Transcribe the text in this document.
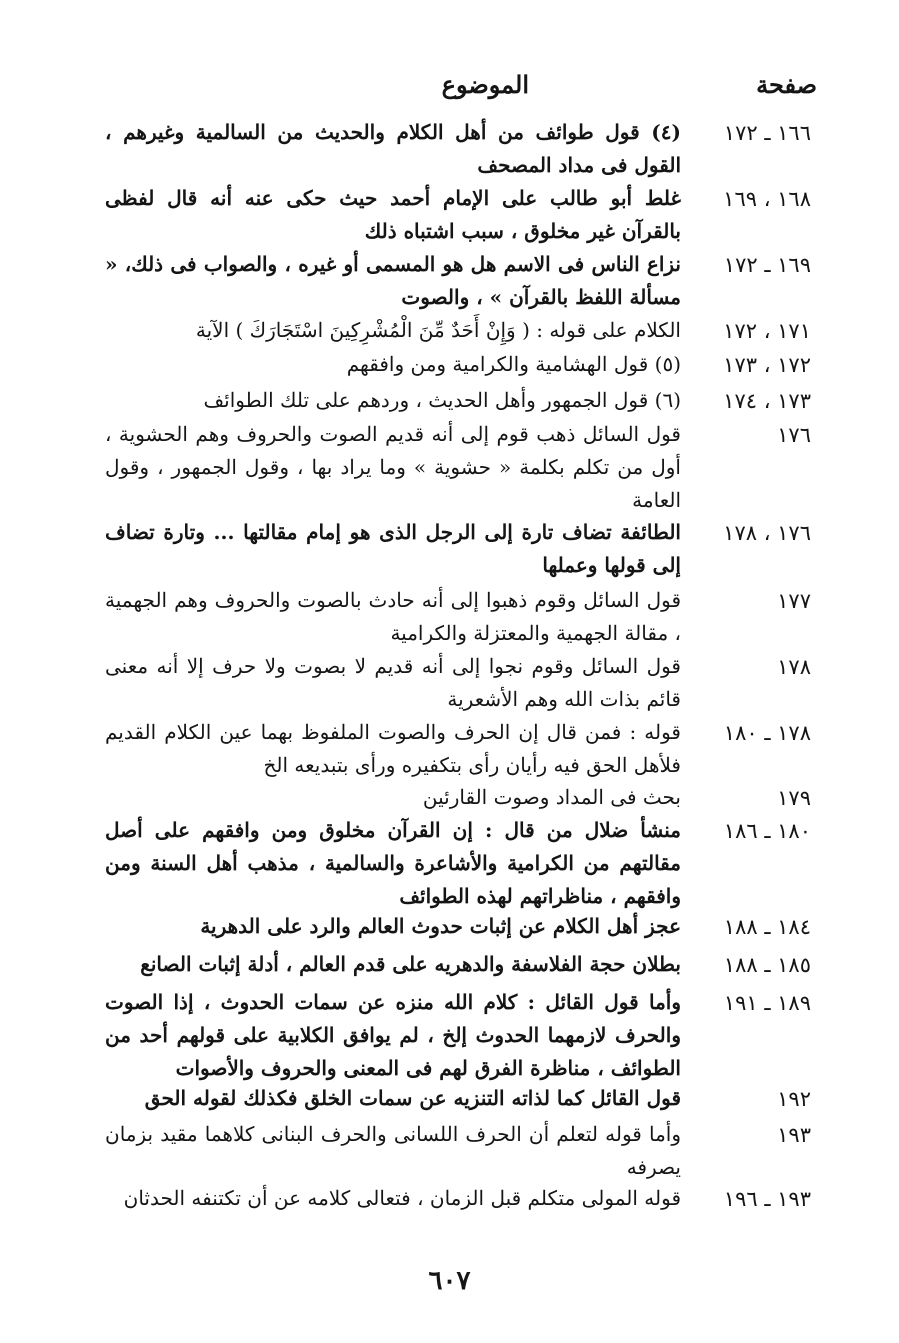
صفحة
الموضوع
١٦٦ ـ ١٧٢
(٤) قول طوائف من أهل الكلام والحديث من السالمية وغيرهم ، القول فى مداد المصحف
١٦٨ ، ١٦٩
غلط أبو طالب على الإمام أحمد حيث حكى عنه أنه قال لفظى بالقرآن غير مخلوق ، سبب اشتباه ذلك
١٦٩ ـ ١٧٢
نزاع الناس فى الاسم هل هو المسمى أو غيره ، والصواب فى ذلك، « مسألة اللفظ بالقرآن » ، والصوت
١٧١ ، ١٧٢
الكلام على قوله : ( وَإِنْ أَحَدٌ مِّنَ الْمُشْرِكِينَ اسْتَجَارَكَ ) الآية
١٧٢ ، ١٧٣
(٥) قول الهشامية والكرامية ومن وافقهم
١٧٣ ، ١٧٤
(٦) قول الجمهور وأهل الحديث ، وردهم على تلك الطوائف
١٧٦
قول السائل ذهب قوم إلى أنه قديم الصوت والحروف وهم الحشوية ، أول من تكلم بكلمة « حشوية » وما يراد بها ، وقول الجمهور ، وقول العامة
١٧٦ ، ١٧٨
الطائفة تضاف تارة إلى الرجل الذى هو إمام مقالتها ... وتارة تضاف إلى قولها وعملها
١٧٧
قول السائل وقوم ذهبوا إلى أنه حادث بالصوت والحروف وهم الجهمية ، مقالة الجهمية والمعتزلة والكرامية
١٧٨
قول السائل وقوم نجوا إلى أنه قديم لا بصوت ولا حرف إلا أنه معنى قائم بذات الله وهم الأشعرية
١٧٨ ـ ١٨٠
قوله : فمن قال إن الحرف والصوت الملفوظ بهما عين الكلام القديم فلأهل الحق فيه رأيان رأى بتكفيره ورأى بتبديعه الخ
١٧٩
بحث فى المداد وصوت القارئين
١٨٠ ـ ١٨٦
منشأ ضلال من قال : إن القرآن مخلوق ومن وافقهم على أصل مقالتهم من الكرامية والأشاعرة والسالمية ، مذهب أهل السنة ومن وافقهم ، مناظراتهم لهذه الطوائف
١٨٤ ـ ١٨٨
عجز أهل الكلام عن إثبات حدوث العالم والرد على الدهرية
١٨٥ ـ ١٨٨
بطلان حجة الفلاسفة والدهريه على قدم العالم ، أدلة إثبات الصانع
١٨٩ ـ ١٩١
وأما قول القائل : كلام الله منزه عن سمات الحدوث ، إذا الصوت والحرف لازمهما الحدوث إلخ ، لم يوافق الكلابية على قولهم أحد من الطوائف ، مناظرة الفرق لهم فى المعنى والحروف والأصوات
١٩٢
قول القائل كما لذاته التنزيه عن سمات الخلق فكذلك لقوله الحق
١٩٣
وأما قوله لتعلم أن الحرف اللسانى والحرف البنانى كلاهما مقيد بزمان يصرفه
١٩٣ ـ ١٩٦
قوله المولى متكلم قبل الزمان ، فتعالى كلامه عن أن تكتنفه الحدثان
٦٠٧
